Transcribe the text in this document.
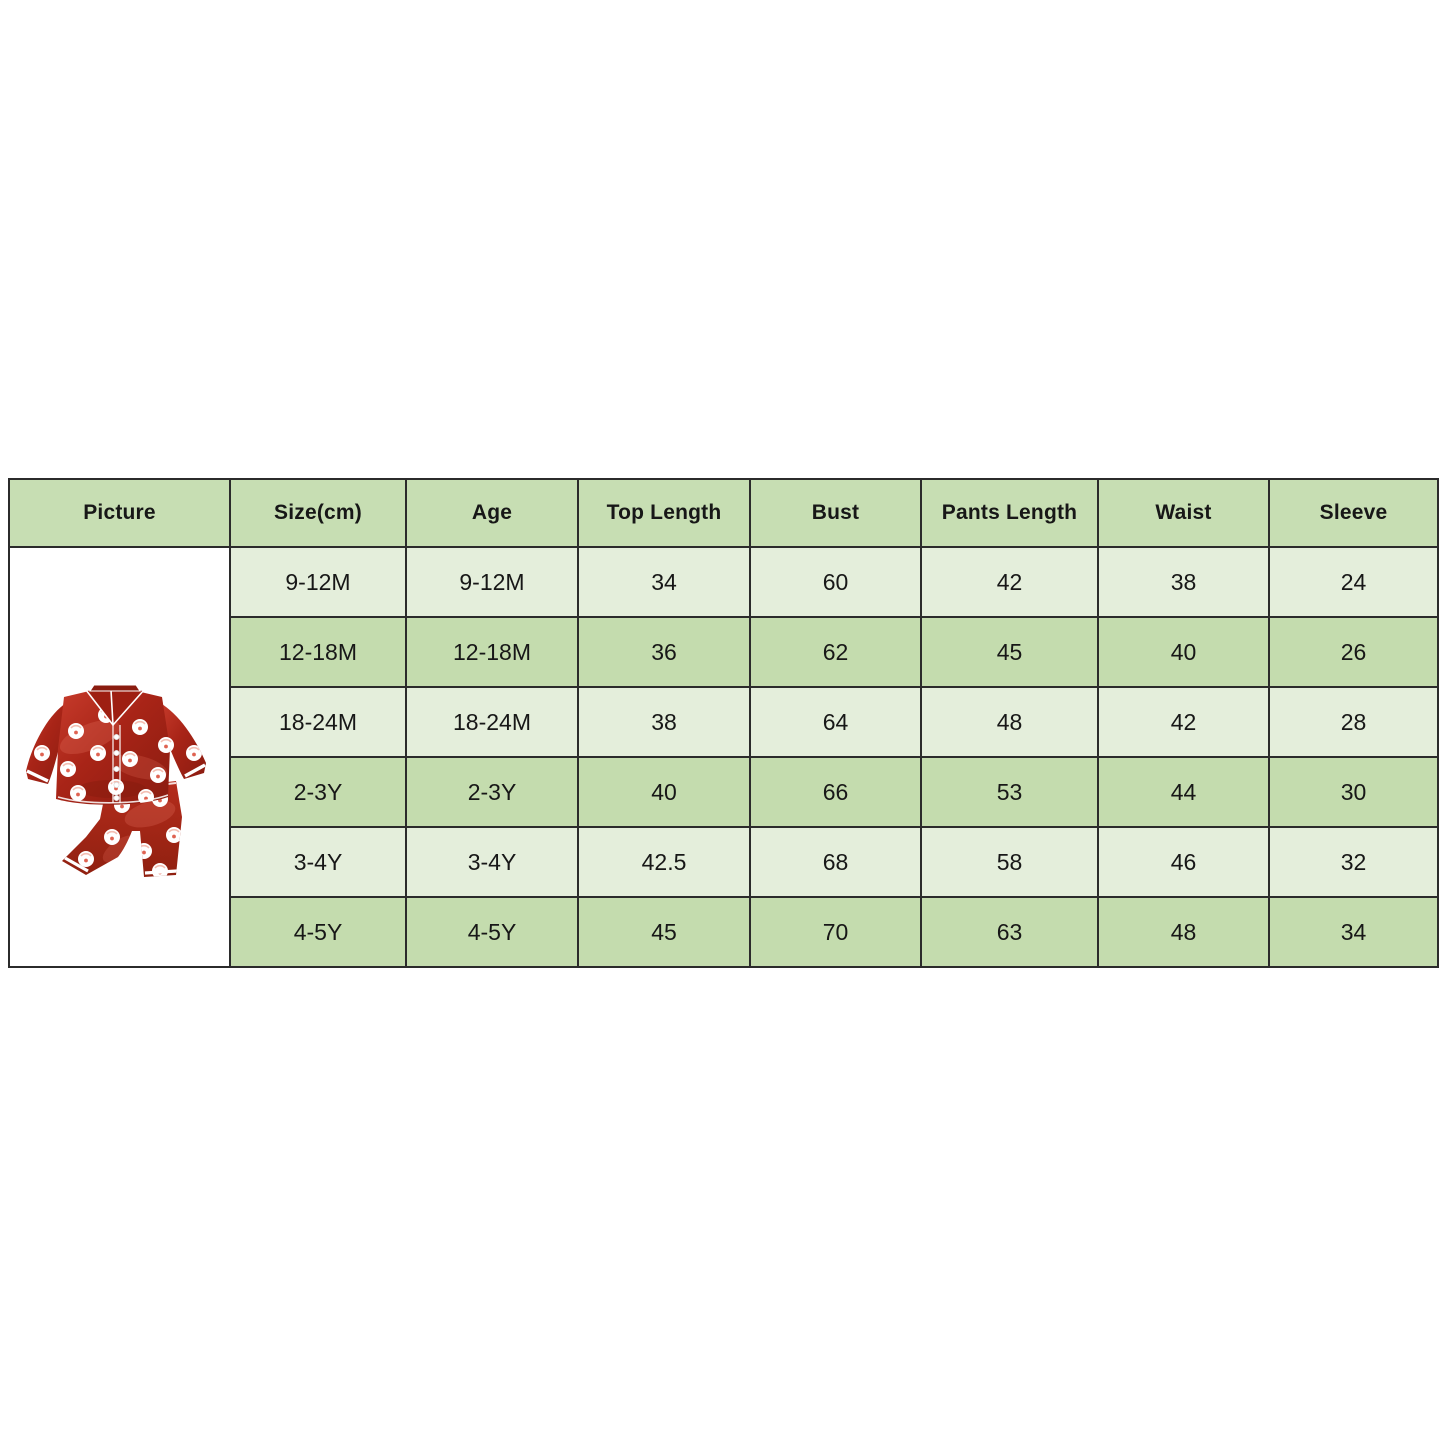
Picture	Size(cm)	Age	Top Length	Bust	Pants Length	Waist	Sleeve

	9-12M	9-12M	34	60	42	38	24
	12-18M	12-18M	36	62	45	40	26
	18-24M	18-24M	38	64	48	42	28
	2-3Y	2-3Y	40	66	53	44	30
	3-4Y	3-4Y	42.5	68	58	46	32
	4-5Y	4-5Y	45	70	63	48	34
